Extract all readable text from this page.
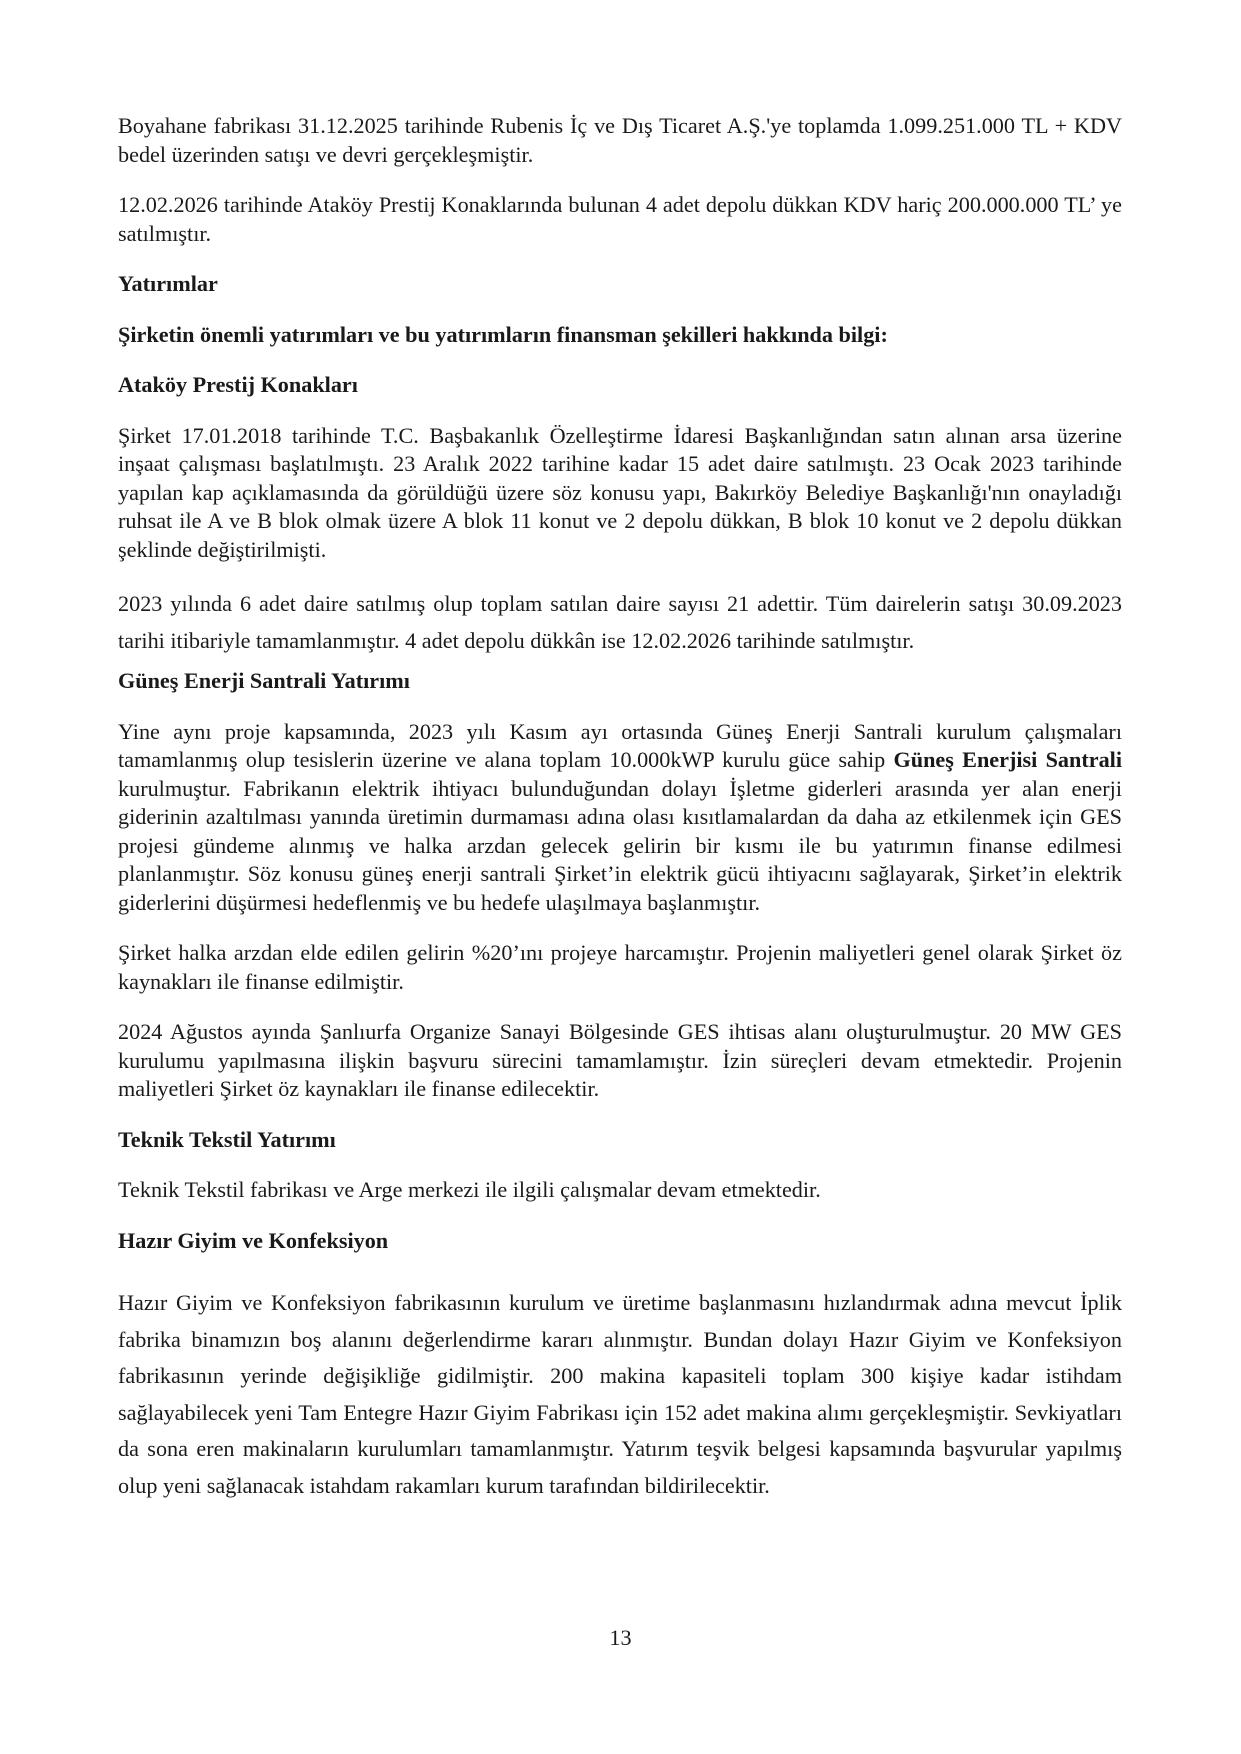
Boyahane fabrikası 31.12.2025 tarihinde Rubenis İç ve Dış Ticaret A.Ş.'ye toplamda 1.099.251.000 TL + KDV bedel üzerinden satışı ve devri gerçekleşmiştir.

12.02.2026 tarihinde Ataköy Prestij Konaklarında bulunan 4 adet depolu dükkan KDV hariç 200.000.000 TL’ ye satılmıştır.

Yatırımlar
Şirketin önemli yatırımları ve bu yatırımların finansman şekilleri hakkında bilgi:
Ataköy Prestij Konakları

Şirket 17.01.2018 tarihinde T.C. Başbakanlık Özelleştirme İdaresi Başkanlığından satın alınan arsa üzerine inşaat çalışması başlatılmıştı. 23 Aralık 2022 tarihine kadar 15 adet daire satılmıştı. 23 Ocak 2023 tarihinde yapılan kap açıklamasında da görüldüğü üzere söz konusu yapı, Bakırköy Belediye Başkanlığı'nın onayladığı ruhsat ile A ve B blok olmak üzere A blok 11 konut ve 2 depolu dükkan, B blok 10 konut ve 2 depolu dükkan şeklinde değiştirilmişti.

2023 yılında 6 adet daire satılmış olup toplam satılan daire sayısı 21 adettir. Tüm dairelerin satışı 30.09.2023 tarihi itibariyle tamamlanmıştır. 4 adet depolu dükkân ise 12.02.2026 tarihinde satılmıştır.

Güneş Enerji Santrali Yatırımı

Yine aynı proje kapsamında, 2023 yılı Kasım ayı ortasında Güneş Enerji Santrali kurulum çalışmaları tamamlanmış olup tesislerin üzerine ve alana toplam 10.000kWP kurulu güce sahip Güneş Enerjisi Santrali kurulmuştur. Fabrikanın elektrik ihtiyacı bulunduğundan dolayı İşletme giderleri arasında yer alan enerji giderinin azaltılması yanında üretimin durmaması adına olası kısıtlamalardan da daha az etkilenmek için GES projesi gündeme alınmış ve halka arzdan gelecek gelirin bir kısmı ile bu yatırımın finanse edilmesi planlanmıştır. Söz konusu güneş enerji santrali Şirket’in elektrik gücü ihtiyacını sağlayarak, Şirket’in elektrik giderlerini düşürmesi hedeflenmiş ve bu hedefe ulaşılmaya başlanmıştır.

Şirket halka arzdan elde edilen gelirin %20’ını projeye harcamıştır. Projenin maliyetleri genel olarak Şirket öz kaynakları ile finanse edilmiştir.

2024 Ağustos ayında Şanlıurfa Organize Sanayi Bölgesinde GES ihtisas alanı oluşturulmuştur. 20 MW GES kurulumu yapılmasına ilişkin başvuru sürecini tamamlamıştır. İzin süreçleri devam etmektedir. Projenin maliyetleri Şirket öz kaynakları ile finanse edilecektir.

Teknik Tekstil Yatırımı

Teknik Tekstil fabrikası ve Arge merkezi ile ilgili çalışmalar devam etmektedir.

Hazır Giyim ve Konfeksiyon

Hazır Giyim ve Konfeksiyon fabrikasının kurulum ve üretime başlanmasını hızlandırmak adına mevcut İplik fabrika binamızın boş alanını değerlendirme kararı alınmıştır. Bundan dolayı Hazır Giyim ve Konfeksiyon fabrikasının yerinde değişikliğe gidilmiştir. 200 makina kapasiteli toplam 300 kişiye kadar istihdam sağlayabilecek yeni Tam Entegre Hazır Giyim Fabrikası için 152 adet makina alımı gerçekleşmiştir. Sevkiyatları da sona eren makinaların kurulumları tamamlanmıştır. Yatırım teşvik belgesi kapsamında başvurular yapılmış olup yeni sağlanacak istahdam rakamları kurum tarafından bildirilecektir.

13
